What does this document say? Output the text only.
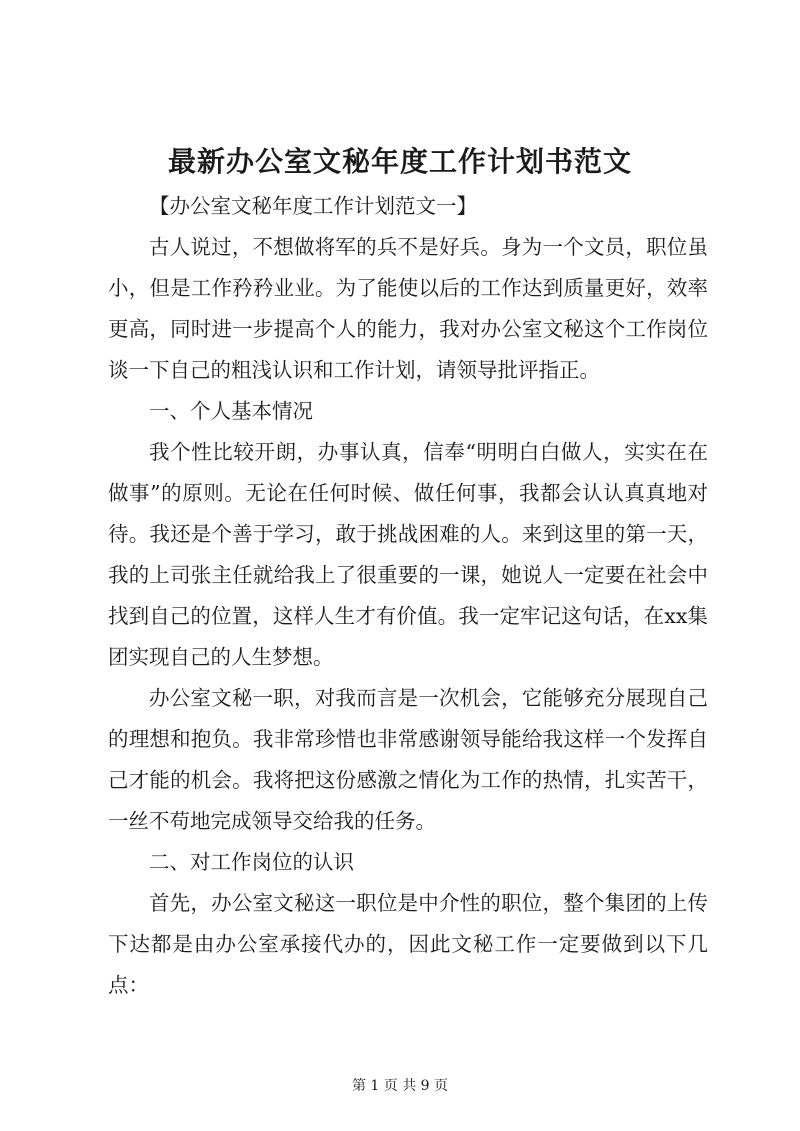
最新办公室文秘年度工作计划书范文

【办公室文秘年度工作计划范文一】

古人说过，不想做将军的兵不是好兵。身为一个文员，职位虽小，但是工作矜矜业业。为了能使以后的工作达到质量更好，效率更高，同时进一步提高个人的能力，我对办公室文秘这个工作岗位谈一下自己的粗浅认识和工作计划，请领导批评指正。

一、个人基本情况

我个性比较开朗，办事认真，信奉“明明白白做人，实实在在做事”的原则。无论在任何时候、做任何事，我都会认认真真地对待。我还是个善于学习，敢于挑战困难的人。来到这里的第一天，我的上司张主任就给我上了很重要的一课，她说人一定要在社会中找到自己的位置，这样人生才有价值。我一定牢记这句话，在xx集团实现自己的人生梦想。

办公室文秘一职，对我而言是一次机会，它能够充分展现自己的理想和抱负。我非常珍惜也非常感谢领导能给我这样一个发挥自己才能的机会。我将把这份感激之情化为工作的热情，扎实苦干，一丝不苟地完成领导交给我的任务。

二、对工作岗位的认识

首先，办公室文秘这一职位是中介性的职位，整个集团的上传下达都是由办公室承接代办的，因此文秘工作一定要做到以下几点：

第 1 页 共 9 页
